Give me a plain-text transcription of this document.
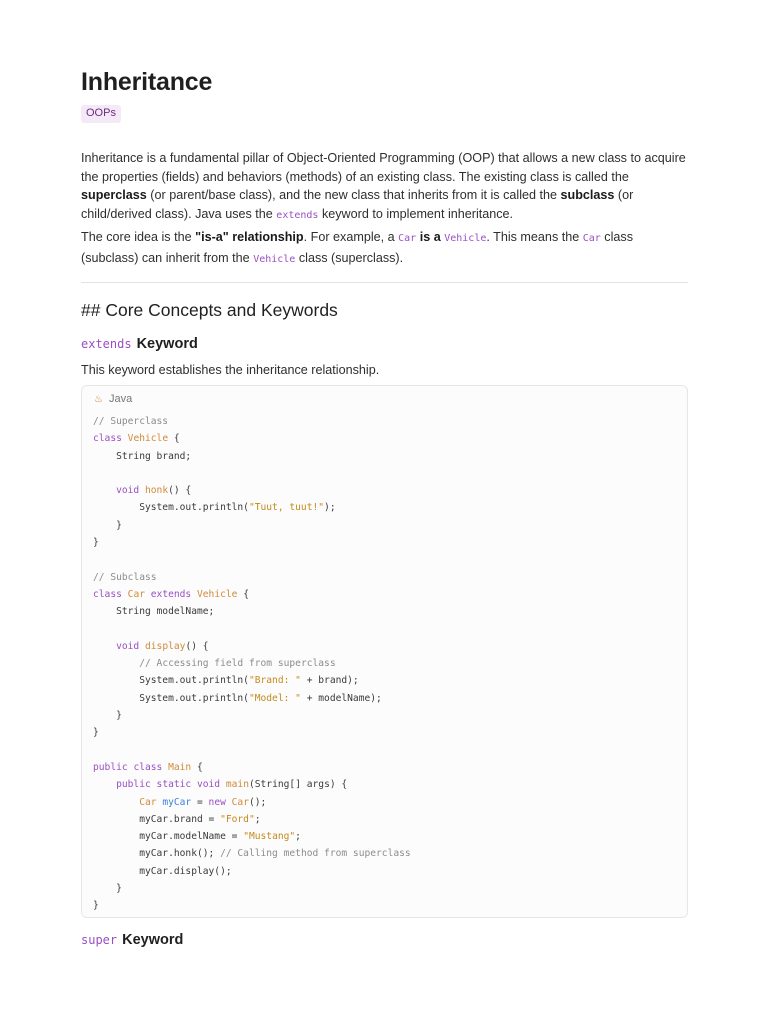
Inheritance
OOPs

Inheritance is a fundamental pillar of Object-Oriented Programming (OOP) that allows a new class to acquire the properties (fields) and behaviors (methods) of an existing class. The existing class is called the superclass (or parent/base class), and the new class that inherits from it is called the subclass (or child/derived class). Java uses the extends keyword to implement inheritance.

The core idea is the "is-a" relationship. For example, a Car is a Vehicle. This means the Car class (subclass) can inherit from the Vehicle class (superclass).

## Core Concepts and Keywords
extends Keyword

This keyword establishes the inheritance relationship.

♨ Java
// Superclass
class Vehicle {
String brand;

void honk() {
System.out.println("Tuut, tuut!");
}
}

// Subclass
class Car extends Vehicle {
String modelName;

void display() {
// Accessing field from superclass
System.out.println("Brand: " + brand);
System.out.println("Model: " + modelName);
}
}

public class Main {
public static void main(String[] args) {
Car myCar = new Car();
myCar.brand = "Ford";
myCar.modelName = "Mustang";
myCar.honk(); // Calling method from superclass
myCar.display();
}
}
super Keyword
